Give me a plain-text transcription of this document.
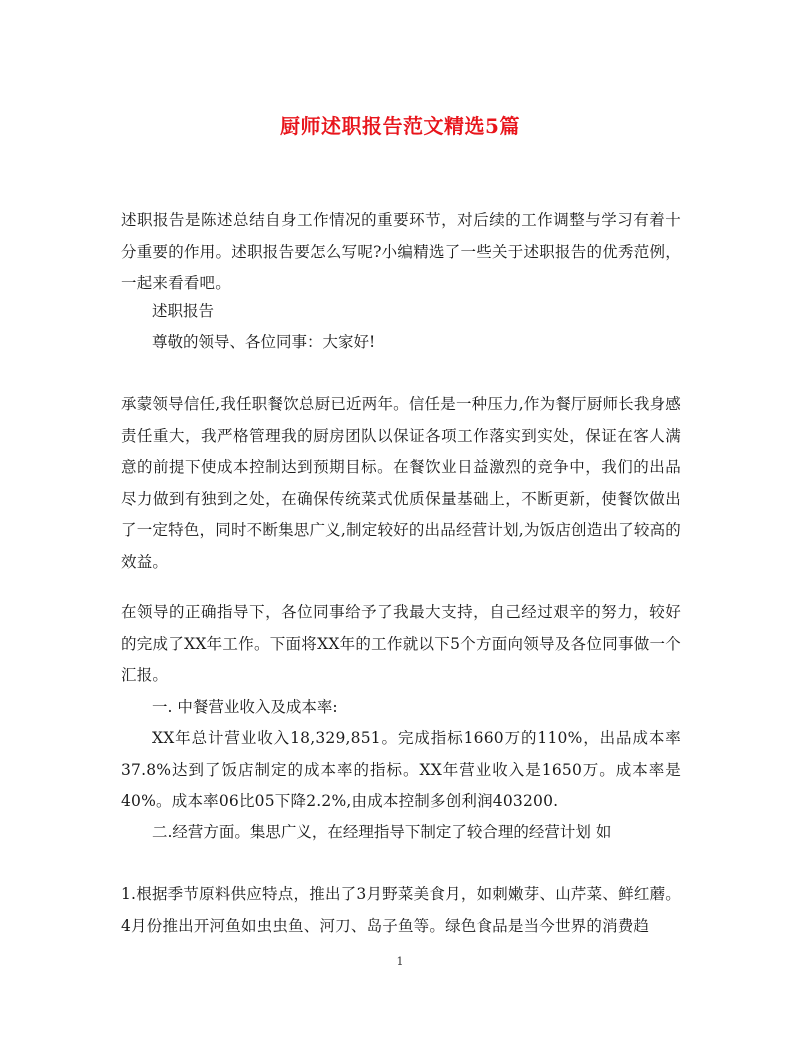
厨师述职报告范文精选5篇

述职报告是陈述总结自身工作情况的重要环节，对后续的工作调整与学习有着十分重要的作用。述职报告要怎么写呢?小编精选了一些关于述职报告的优秀范例，一起来看看吧。

述职报告

尊敬的领导、各位同事：大家好!

承蒙领导信任,我任职餐饮总厨已近两年。信任是一种压力,作为餐厅厨师长我身感责任重大，我严格管理我的厨房团队以保证各项工作落实到实处，保证在客人满意的前提下使成本控制达到预期目标。在餐饮业日益激烈的竞争中，我们的出品尽力做到有独到之处，在确保传统菜式优质保量基础上，不断更新，使餐饮做出了一定特色，同时不断集思广义,制定较好的出品经营计划,为饭店创造出了较高的效益。

在领导的正确指导下，各位同事给予了我最大支持，自己经过艰辛的努力，较好的完成了XX年工作。下面将XX年的工作就以下5个方面向领导及各位同事做一个汇报。

一. 中餐营业收入及成本率:

XX年总计营业收入18,329,851。完成指标1660万的110%，出品成本率 37.8%达到了饭店制定的成本率的指标。XX年营业收入是1650万。成本率是40%。成本率06比05下降2.2%,由成本控制多创利润403200.

二.经营方面。集思广义，在经理指导下制定了较合理的经营计划 如

1.根据季节原料供应特点，推出了3月野菜美食月，如刺嫩芽、山芹菜、鲜红蘑。4月份推出开河鱼如虫虫鱼、河刀、岛子鱼等。绿色食品是当今世界的消费趋

1
